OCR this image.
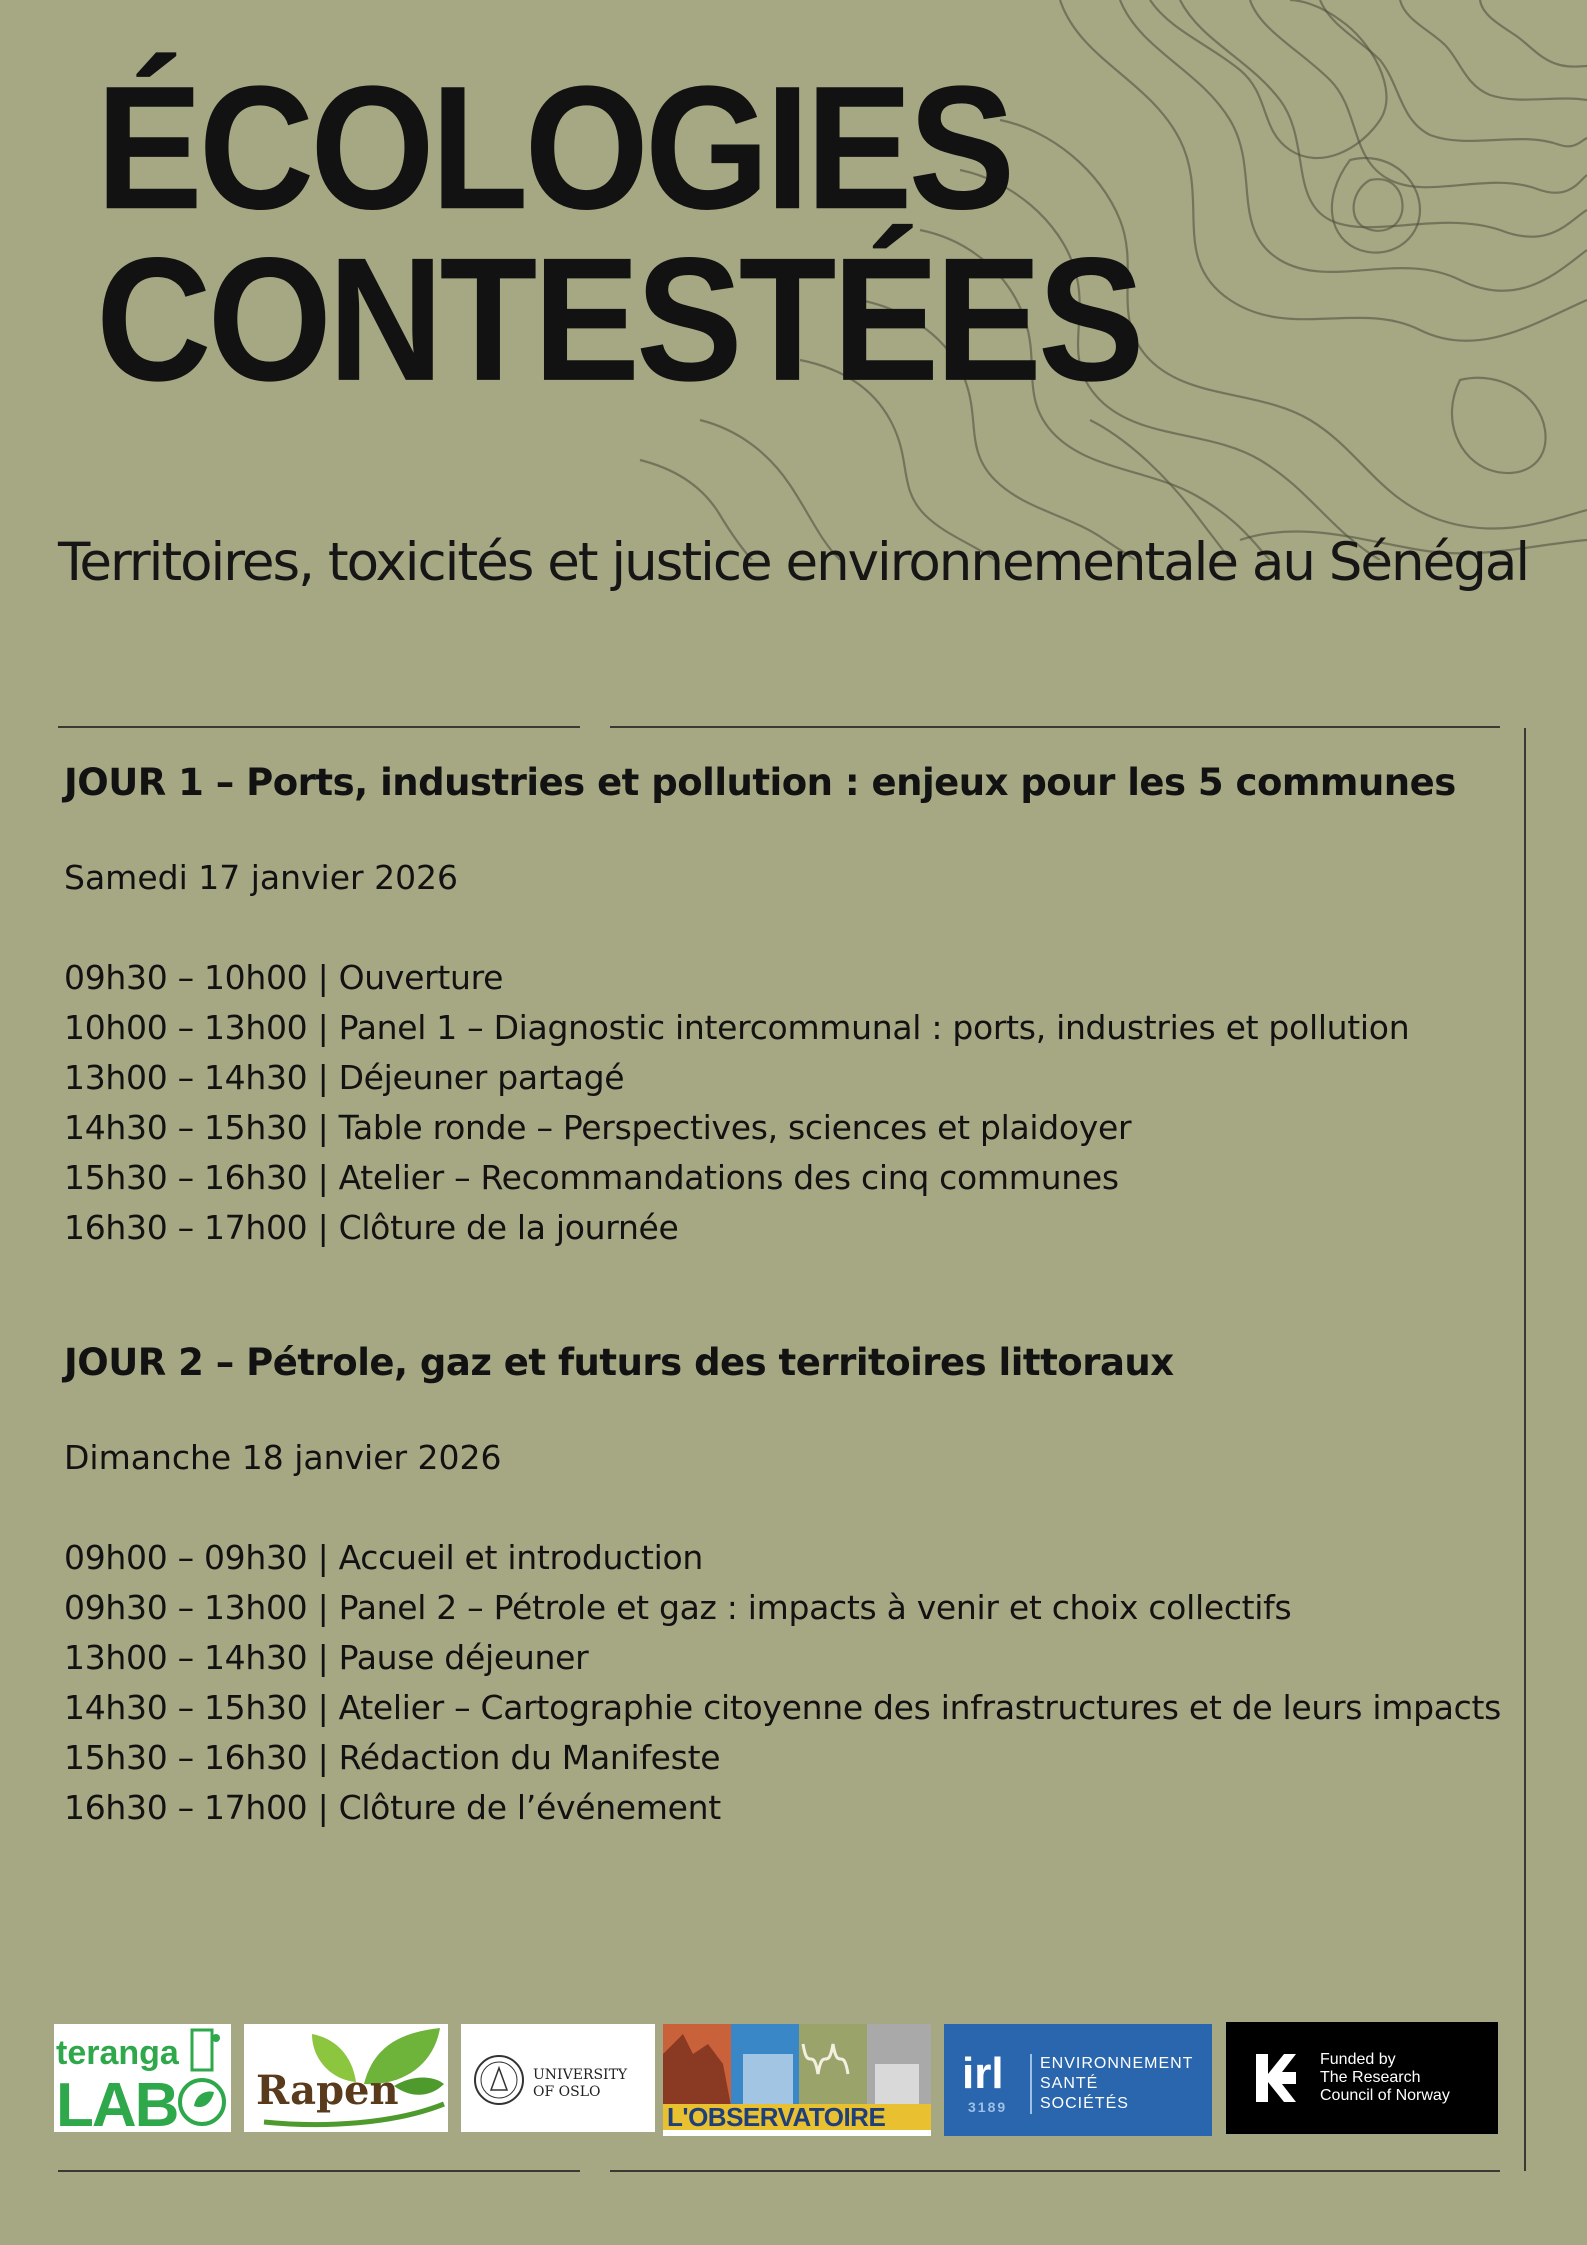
ÉCOLOGIES
CONTESTÉES
Territoires, toxicités et justice environnementale au Sénégal
JOUR 1 – Ports, industries et pollution : enjeux pour les 5 communes
Samedi 17 janvier 2026
09h30 – 10h00 | Ouverture
10h00 – 13h00 | Panel 1 – Diagnostic intercommunal : ports, industries et pollution
13h00 – 14h30 | Déjeuner partagé
14h30 – 15h30 | Table ronde – Perspectives, sciences et plaidoyer
15h30 – 16h30 | Atelier – Recommandations des cinq communes
16h30 – 17h00 | Clôture de la journée
JOUR 2 – Pétrole, gaz et futurs des territoires littoraux
Dimanche 18 janvier 2026
09h00 – 09h30 | Accueil et introduction
09h30 – 13h00 | Panel 2 – Pétrole et gaz : impacts à venir et choix collectifs
13h00 – 14h30 | Pause déjeuner
14h30 – 15h30 | Atelier – Cartographie citoyenne des infrastructures et de leurs impacts
15h30 – 16h30 | Rédaction du Manifeste
16h30 – 17h00 | Clôture de l’événement
teranga
LAB Rapen	UNIVERSITY
OF OSLO
L'OBSERVATOIRE
irl
3189
ENVIRONNEMENT
SANTÉ
SOCIÉTÉS
Funded by
The Research
Council of Norway
